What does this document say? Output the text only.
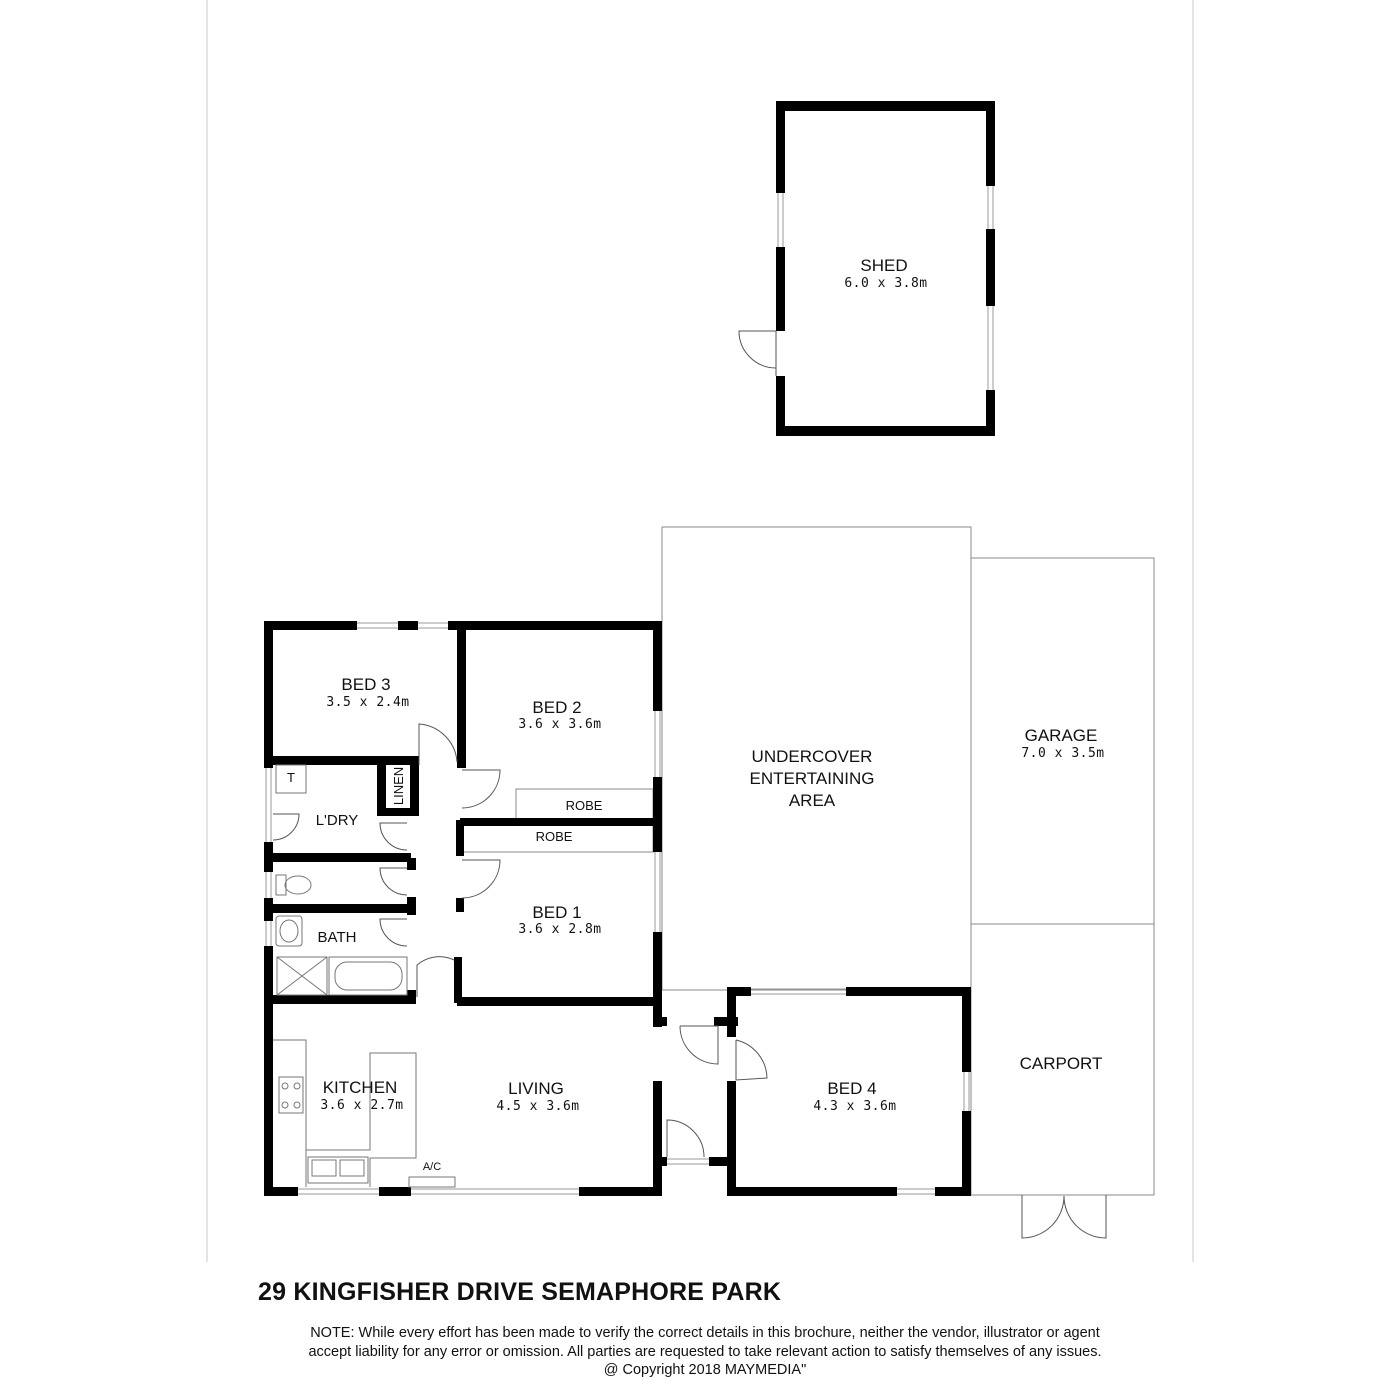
SHED
6.0 x 3.8m
BED 3
3.5 x 2.4m	BED 2
3.6 x 3.6m
ROBE
ROBE
BED 1
3.6 x 2.8m
T	LINEN
L'DRY
BATH
UNDERCOVER
ENTERTAINING
AREA
GARAGE
7.0 x 3.5m
CARPORT
KITCHEN
3.6 x 2.7m
LIVING
4.5 x 3.6m
A/C
BED 4
4.3 x 3.6m
29 KINGFISHER DRIVE SEMAPHORE PARK
NOTE: While every effort has been made to verify the correct details in this brochure, neither the vendor, illustrator or agent
accept liability for any error or omission. All parties are requested to take relevant action to satisfy themselves of any issues.
@ Copyright 2018 MAYMEDIA"
